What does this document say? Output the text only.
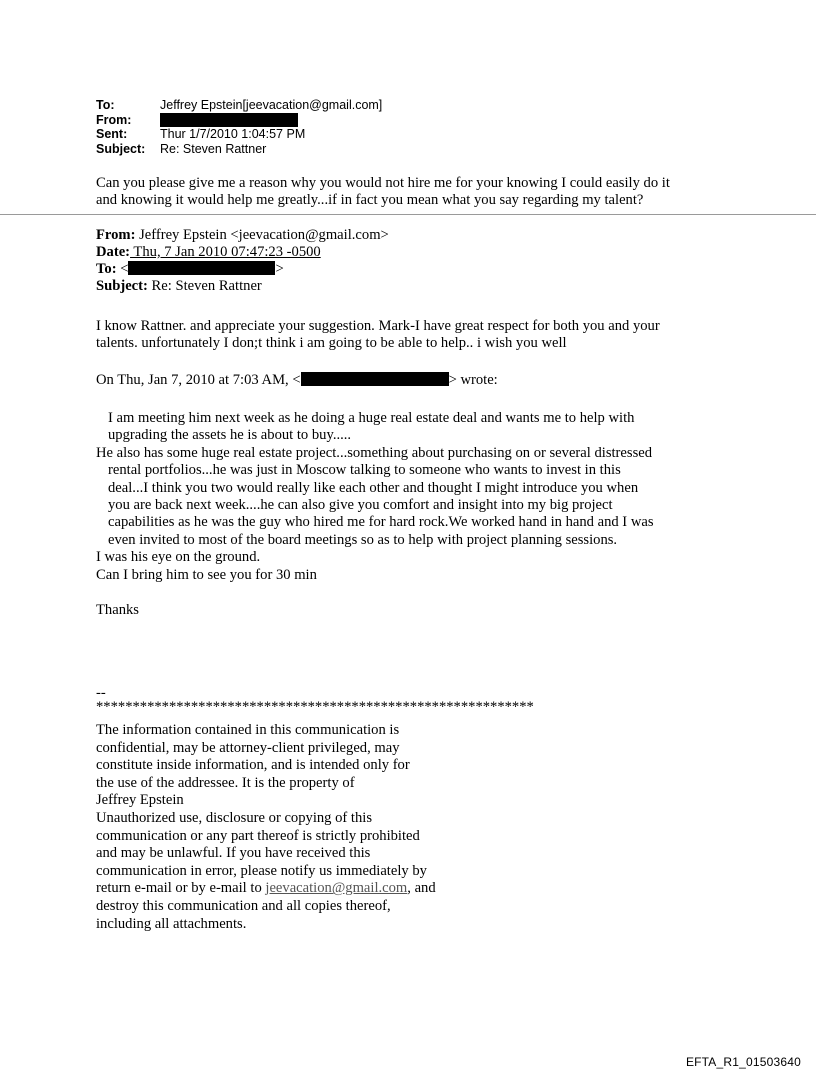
To:	Jeffrey Epstein[jeevacation@gmail.com]
From:
Sent:	Thur 1/7/2010 1:04:57 PM
Subject:	Re: Steven Rattner
Can you please give me a reason why you would not hire me for your knowing I could easily do it
and knowing it would help me greatly...if in fact you mean what you say regarding my talent?
From: Jeffrey Epstein <jeevacation@gmail.com>
Date: Thu, 7 Jan 2010 07:47:23 -0500
To: <	>
Subject: Re: Steven Rattner
I know Rattner. and appreciate your suggestion. Mark-I have great respect for both you and your
talents. unfortunately I don;t think i am going to be able to help.. i wish you well
On Thu, Jan 7, 2010 at 7:03 AM, <	> wrote:
I am meeting him next week as he doing a huge real estate deal and wants me to help with
upgrading the assets he is about to buy.....
He also has some huge real estate project...something about purchasing on or several distressed
rental portfolios...he was just in Moscow talking to someone who wants to invest in this
deal...I think you two would really like each other and thought I might introduce you when
you are back next week....he can also give you comfort and insight into my big project
capabilities as he was the guy who hired me for hard rock.We worked hand in hand and I was
even invited to most of the board meetings so as to help with project planning sessions.
I was his eye on the ground.
Can I bring him to see you for 30 min
Thanks
--
************************************************************
The information contained in this communication is
confidential, may be attorney-client privileged, may
constitute inside information, and is intended only for
the use of the addressee. It is the property of
Jeffrey Epstein
Unauthorized use, disclosure or copying of this
communication or any part thereof is strictly prohibited
and may be unlawful. If you have received this
communication in error, please notify us immediately by
return e-mail or by e-mail to jeevacation@gmail.com, and
destroy this communication and all copies thereof,
including all attachments.
EFTA_R1_01503640
